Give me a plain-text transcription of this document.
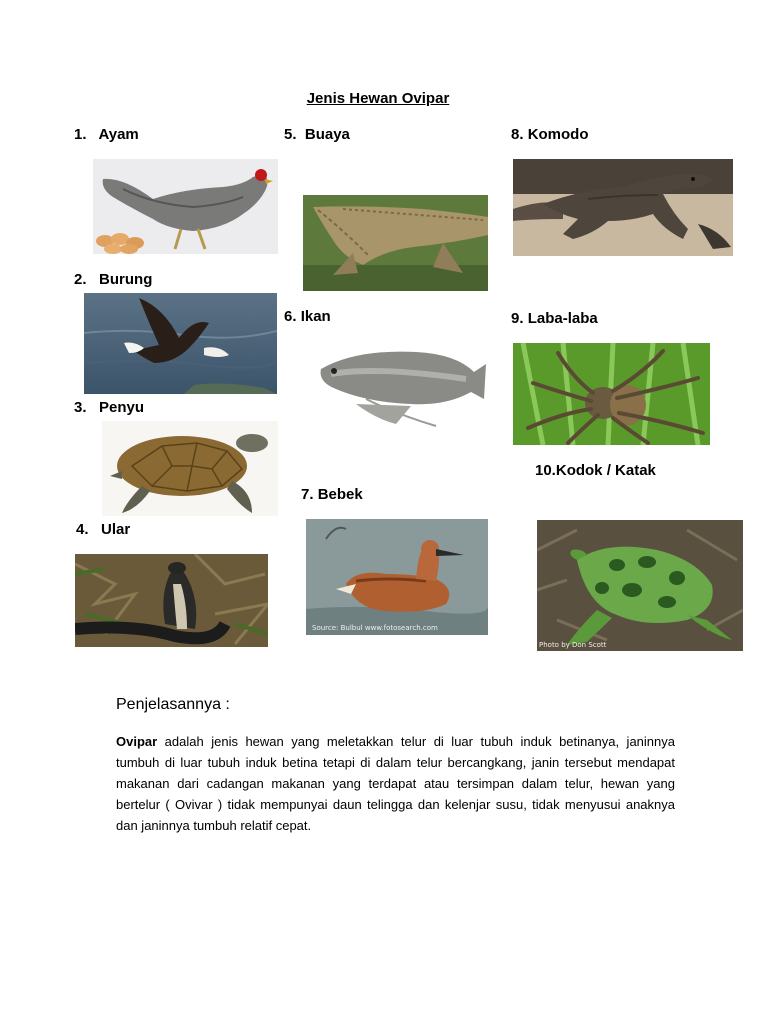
Jenis Hewan Ovipar
1. Ayam
2. Burung
3. Penyu
4. Ular
5. Buaya
6. Ikan
7. Bebek
8. Komodo
9. Laba-laba
10.Kodok / Katak
Source: Bulbul www.fotosearch.com
Photo by Don Scott
Penjelasannya :
Ovipar adalah jenis hewan yang meletakkan telur di luar tubuh induk betinanya, janinnya tumbuh di luar tubuh induk betina tetapi di dalam telur bercangkang, janin tersebut mendapat makanan dari cadangan makanan yang terdapat atau tersimpan dalam telur, hewan yang bertelur ( Ovivar ) tidak mempunyai daun telingga dan kelenjar susu, tidak menyusui anaknya dan janinnya tumbuh relatif cepat.
